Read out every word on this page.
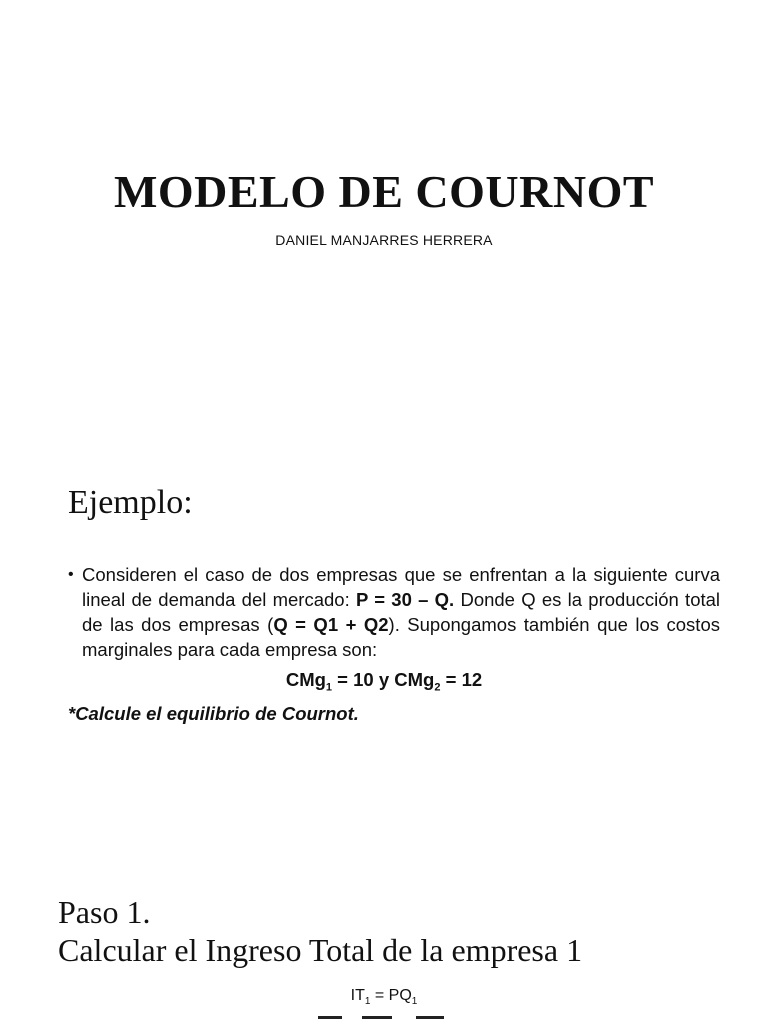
MODELO DE COURNOT
DANIEL MANJARRES HERRERA
Ejemplo:
• Consideren el caso de dos empresas que se enfrentan a la siguiente curva lineal de demanda del mercado: P = 30 – Q. Donde Q es la producción total de las dos empresas (Q = Q1 + Q2). Supongamos también que los costos marginales para cada empresa son:
CMg$_1$ = 10 y CMg$_2$ = 12
*Calcule el equilibrio de Cournot.
Paso 1.
Calcular el Ingreso Total de la empresa 1
$IT_1 = PQ_1$
